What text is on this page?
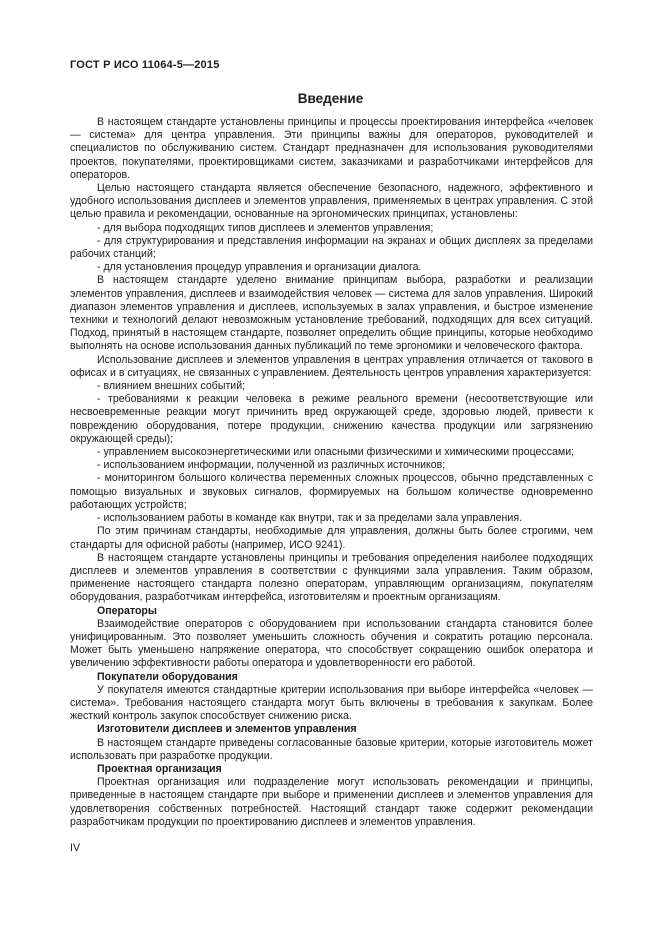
ГОСТ Р ИСО 11064-5—2015
Введение

В настоящем стандарте установлены принципы и процессы проектирования интерфейса «человек — система» для центра управления. Эти принципы важны для операторов, руководителей и специалистов по обслуживанию систем. Стандарт предназначен для использования руководителями проектов, покупателями, проектировщиками систем, заказчиками и разработчиками интерфейсов для операторов.

Целью настоящего стандарта является обеспечение безопасного, надежного, эффективного и удобного использования дисплеев и элементов управления, применяемых в центрах управления. С этой целью правила и рекомендации, основанные на эргономических принципах, установлены:

- для выбора подходящих типов дисплеев и элементов управления;

- для структурирования и представления информации на экранах и общих дисплеях за пределами рабочих станций;

- для установления процедур управления и организации диалога.

В настоящем стандарте уделено внимание принципам выбора, разработки и реализации элементов управления, дисплеев и взаимодействия человек — система для залов управления. Широкий диапазон элементов управления и дисплеев, используемых в залах управления, и быстрое изменение техники и технологий делают невозможным установление требований, подходящих для всех ситуаций. Подход, принятый в настоящем стандарте, позволяет определить общие принципы, которые необходимо выполнять на основе использования данных публикаций по теме эргономики и человеческого фактора.

Использование дисплеев и элементов управления в центрах управления отличается от такового в офисах и в ситуациях, не связанных с управлением. Деятельность центров управления характеризуется:

- влиянием внешних событий;

- требованиями к реакции человека в режиме реального времени (несоответствующие или несвоевременные реакции могут причинить вред окружающей среде, здоровью людей, привести к повреждению оборудования, потере продукции, снижению качества продукции или загрязнению окружающей среды);

- управлением высокоэнергетическими или опасными физическими и химическими процессами;

- использованием информации, полученной из различных источников;

- мониторингом большого количества переменных сложных процессов, обычно представленных с помощью визуальных и звуковых сигналов, формируемых на большом количестве одновременно работающих устройств;

- использованием работы в команде как внутри, так и за пределами зала управления.

По этим причинам стандарты, необходимые для управления, должны быть более строгими, чем стандарты для офисной работы (например, ИСО 9241).

В настоящем стандарте установлены принципы и требования определения наиболее подходящих дисплеев и элементов управления в соответствии с функциями зала управления. Таким образом, применение настоящего стандарта полезно операторам, управляющим организациям, покупателям оборудования, разработчикам интерфейса, изготовителям и проектным организациям.

Операторы

Взаимодействие операторов с оборудованием при использовании стандарта становится более унифицированным. Это позволяет уменьшить сложность обучения и сократить ротацию персонала. Может быть уменьшено напряжение оператора, что способствует сокращению ошибок оператора и увеличению эффективности работы оператора и удовлетворенности его работой.

Покупатели оборудования

У покупателя имеются стандартные критерии использования при выборе интерфейса «человек — система». Требования настоящего стандарта могут быть включены в требования к закупкам. Более жесткий контроль закупок способствует снижению риска.

Изготовители дисплеев и элементов управления

В настоящем стандарте приведены согласованные базовые критерии, которые изготовитель может использовать при разработке продукции.

Проектная организация

Проектная организация или подразделение могут использовать рекомендации и принципы, приведенные в настоящем стандарте при выборе и применении дисплеев и элементов управления для удовлетворения собственных потребностей. Настоящий стандарт также содержит рекомендации разработчикам продукции по проектированию дисплеев и элементов управления.

IV
